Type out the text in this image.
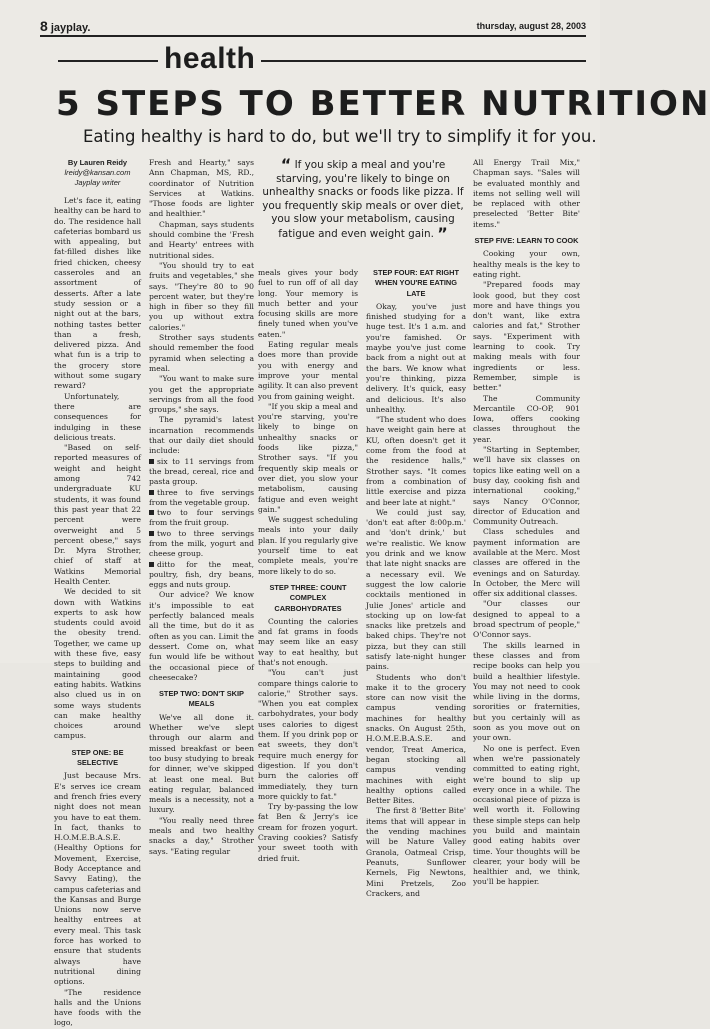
8 jayplay.	thursday, august 28, 2003
health
5 STEPS TO BETTER NUTRITION
Eating healthy is hard to do, but we'll try to simplify it for you.
By Lauren Reidy
lreidy@kansan.com
Jayplay writer

Let's face it, eating healthy can be hard to do. The residence hall cafeterias bombard us with appealing, but fat-filled dishes like fried chicken, cheesy casseroles and an assortment of desserts. After a late study session or a night out at the bars, nothing tastes better than a fresh, delivered pizza. And what fun is a trip to the grocery store without some sugary reward?

Unfortunately, there are consequences for indulging in these delicious treats.

"Based on self-reported measures of weight and height among 742 undergraduate KU students, it was found this past year that 22 percent were overweight and 5 percent obese," says Dr. Myra Strother, chief of staff at Watkins Memorial Health Center.

We decided to sit down with Watkins experts to ask how students could avoid the obesity trend. Together, we came up with these five, easy steps to building and maintaining good eating habits. Watkins also clued us in on some ways students can make healthy choices around campus.

STEP ONE: BE SELECTIVE

Just because Mrs. E's serves ice cream and french fries every night does not mean you have to eat them. In fact, thanks to H.O.M.E.B.A.S.E. (Healthy Options for Movement, Exercise, Body Acceptance and Savvy Eating), the campus cafeterias and the Kansas and Burge Unions now serve healthy entrees at every meal. This task force has worked to ensure that students always have nutritional dining options.

"The residence halls and the Unions have foods with the logo,

Fresh and Hearty," says Ann Chapman, MS, RD., coordinator of Nutrition Services at Watkins. "Those foods are lighter and healthier."

Chapman, says students should combine the 'Fresh and Hearty' entrees with nutritional sides.

"You should try to eat fruits and vegetables," she says. "They're 80 to 90 percent water, but they're high in fiber so they fill you up without extra calories."

Strother says students should remember the food pyramid when selecting a meal.

"You want to make sure you get the appropriate servings from all the food groups," she says.

The pyramid's latest incarnation recommends that our daily diet should include:

six to 11 servings from the bread, cereal, rice and pasta group.

three to five servings from the vegetable group.

two to four servings from the fruit group.

two to three servings from the milk, yogurt and cheese group.

ditto for the meat, poultry, fish, dry beans, eggs and nuts group.

Our advice? We know it's impossible to eat perfectly balanced meals all the time, but do it as often as you can. Limit the dessert. Come on, what fun would life be without the occasional piece of cheesecake?

STEP TWO: DON'T SKIP MEALS

We've all done it. Whether we've slept through our alarm and missed breakfast or been too busy studying to break for dinner, we've skipped at least one meal. But eating regular, balanced meals is a necessity, not a luxury.

"You really need three meals and two healthy snacks a day," Strother says. "Eating regular

“ If you skip a meal and you're starving, you're likely to binge on unhealthy snacks or foods like pizza. If you frequently skip meals or over diet, you slow your metabolism, causing fatigue and even weight gain. ”

meals gives your body fuel to run off of all day long. Your memory is much better and your focusing skills are more finely tuned when you've eaten."

Eating regular meals does more than provide you with energy and improve your mental agility. It can also prevent you from gaining weight.

"If you skip a meal and you're starving, you're likely to binge on unhealthy snacks or foods like pizza," Strother says. "If you frequently skip meals or over diet, you slow your metabolism, causing fatigue and even weight gain."

We suggest scheduling meals into your daily plan. If you regularly give yourself time to eat complete meals, you're more likely to do so.

STEP THREE: COUNT COMPLEX CARBOHYDRATES

Counting the calories and fat grams in foods may seem like an easy way to eat healthy, but that's not enough.

"You can't just compare things calorie to calorie," Strother says. "When you eat complex carbohydrates, your body uses calories to digest them. If you drink pop or eat sweets, they don't require much energy for digestion. If you don't burn the calories off immediately, they turn more quickly to fat."

Try by-passing the low fat Ben & Jerry's ice cream for frozen yogurt. Craving cookies? Satisfy your sweet tooth with dried fruit.

STEP FOUR: EAT RIGHT WHEN YOU'RE EATING LATE

Okay, you've just finished studying for a huge test. It's 1 a.m. and you're famished. Or maybe you've just come back from a night out at the bars. We know what you're thinking, pizza delivery. It's quick, easy and delicious. It's also unhealthy.

"The student who does have weight gain here at KU, often doesn't get it come from the food at the residence halls," Strother says. "It comes from a combination of little exercise and pizza and beer late at night."

We could just say, 'don't eat after 8:00p.m.' and 'don't drink,' but we're realistic. We know you drink and we know that late night snacks are a necessary evil. We suggest the low calorie cocktails mentioned in Julie Jones' article and stocking up on low-fat snacks like pretzels and baked chips. They're not pizza, but they can still satisfy late-night hunger pains.

Students who don't make it to the grocery store can now visit the campus vending machines for healthy snacks. On August 25th, H.O.M.E.B.A.S.E. and vendor, Treat America, began stocking all campus vending machines with eight healthy options called Better Bites.

The first 8 'Better Bite' items that will appear in the vending machines will be Nature Valley Granola, Oatmeal Crisp, Peanuts, Sunflower Kernels, Fig Newtons, Mini Pretzels, Zoo Crackers, and

All Energy Trail Mix," Chapman says. "Sales will be evaluated monthly and items not selling well will be replaced with other preselected 'Better Bite' items."

STEP FIVE: LEARN TO COOK

Cooking your own, healthy meals is the key to eating right.

"Prepared foods may look good, but they cost more and have things you don't want, like extra calories and fat," Strother says. "Experiment with learning to cook. Try making meals with four ingredients or less. Remember, simple is better."

The Community Mercantile CO-OP, 901 Iowa, offers cooking classes throughout the year.

"Starting in September, we'll have six classes on topics like eating well on a busy day, cooking fish and international cooking," says Nancy O'Connor, director of Education and Community Outreach.

Class schedules and payment information are available at the Merc. Most classes are offered in the evenings and on Saturday. In October, the Merc will offer six additional classes.

"Our classes our designed to appeal to a broad spectrum of people," O'Connor says.

The skills learned in these classes and from recipe books can help you build a healthier lifestyle. You may not need to cook while living in the dorms, sororities or fraternities, but you certainly will as soon as you move out on your own.

No one is perfect. Even when we're passionately committed to eating right, we're bound to slip up every once in a while. The occasional piece of pizza is well worth it. Following these simple steps can help you build and maintain good eating habits over time. Your thoughts will be clearer, your body will be healthier and, we think, you'll be happier.
